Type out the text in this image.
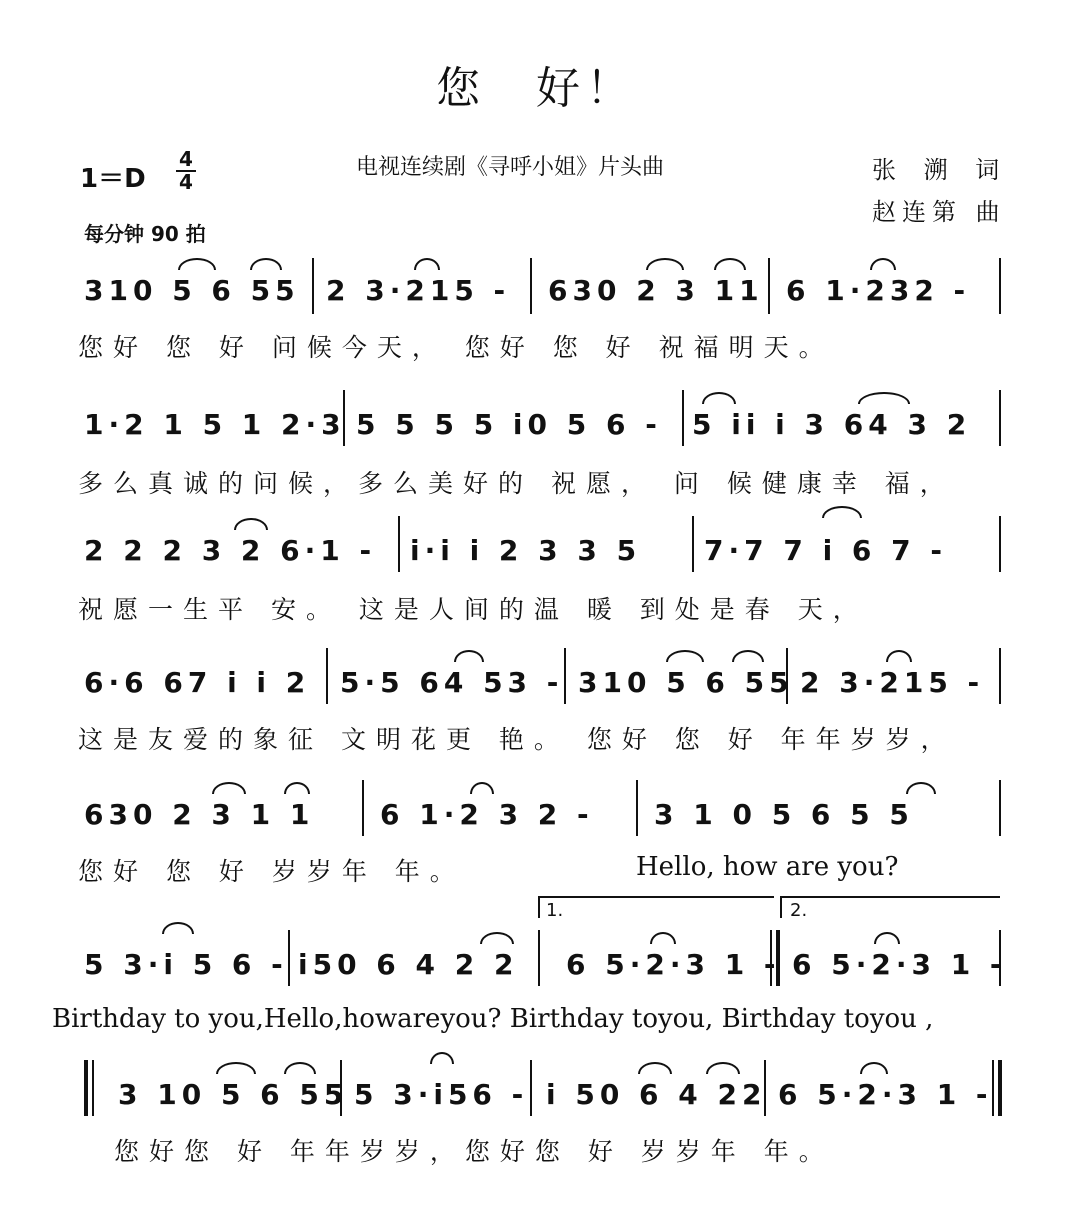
您　好！
1＝D
4
4
电视连续剧《寻呼小姐》片头曲	张 溯 词
赵连第 曲
每分钟 90 拍
310 5 6 55 2 3·215 - 630 2 3 11 6 1·232 -
您好 您 好 问候今天， 您好 您 好 祝福明天。
1·2 1 5 1 2·3 5 5 5 5 i0 5 6 - 5 ii i 3 64 3 2
多么真诚的问候，多么美好的 祝愿， 问 候健康幸 福，
2 2 2 3 2 6·1 - i·i i 2 3 3 5 7·7 7 i 6 7 -
祝愿一生平 安。 这是人间的温 暖 到处是春 天，
6·6 67 i i 2 5·5 64 53 - 310 5 6 55 2 3·215 -
这是友爱的象征 文明花更 艳。 您好 您 好 年年岁岁，
630 2 3 1 1 6 1·2 3 2 - 3 1 0 5 6 5 5
您好 您 好 岁岁年 年。	Hello, how are you?
1.	2.
5 3·i 5 6 - i50 6 4 2 2 6 5·2·3 1 - 6 5·2·3 1 -
Birthday to you,Hello,howareyou? Birthday toyou, Birthday toyou ,
3 10 5 6 55 5 3·i56 - i 50 6 4 22 6 5·2·3 1 -
您好您 好 年年岁岁，您好您 好 岁岁年 年。
